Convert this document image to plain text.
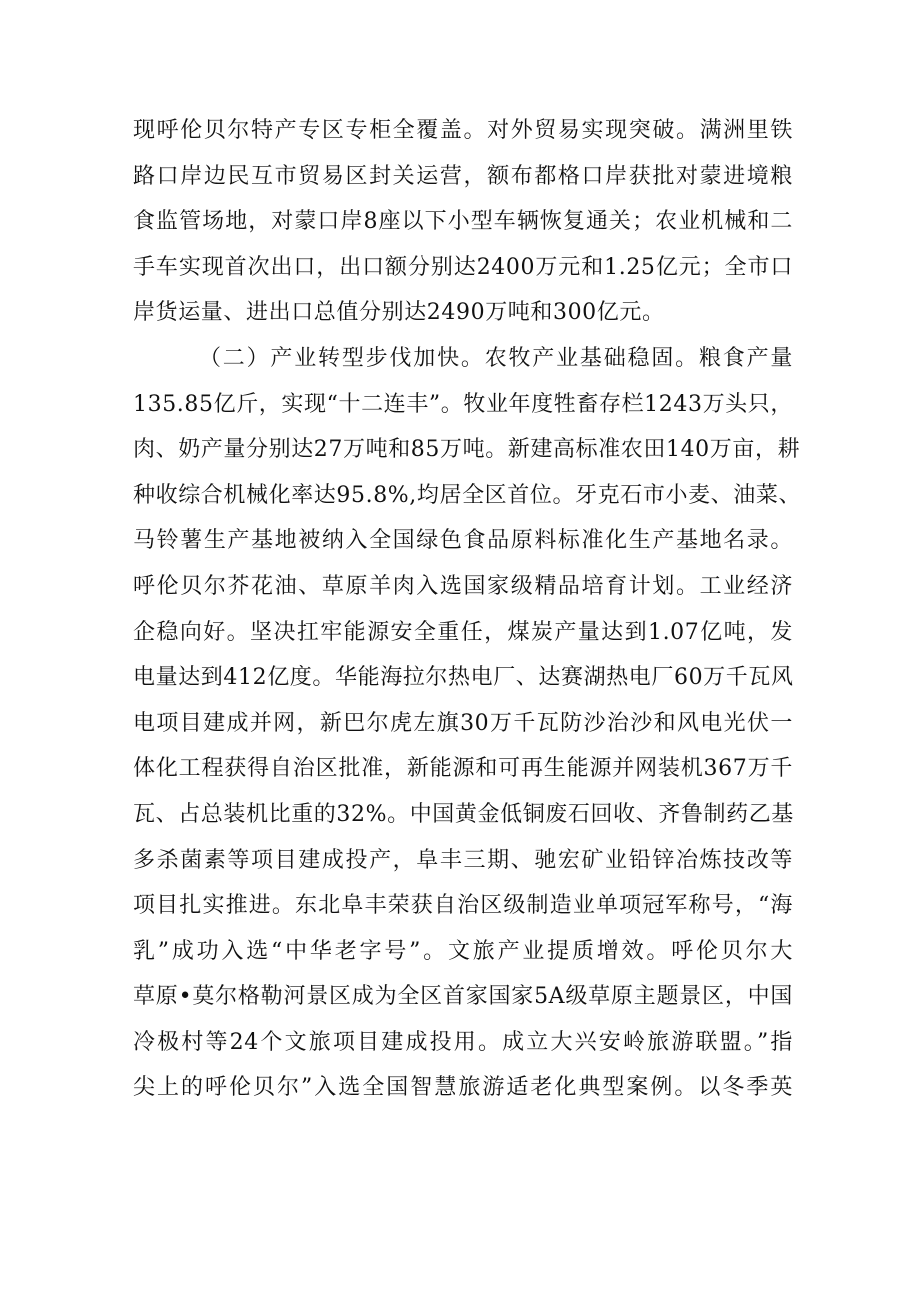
现呼伦贝尔特产专区专柜全覆盖。对外贸易实现突破。满洲里铁
路口岸边民互市贸易区封关运营，额布都格口岸获批对蒙进境粮
食监管场地，对蒙口岸8座以下小型车辆恢复通关；农业机械和二
手车实现首次出口，出口额分别达2400万元和1.25亿元；全市口
岸货运量、进出口总值分别达2490万吨和300亿元。
（二）产业转型步伐加快。农牧产业基础稳固。粮食产量
135.85亿斤，实现“十二连丰”。牧业年度牲畜存栏1243万头只，
肉、奶产量分别达27万吨和85万吨。新建高标准农田140万亩，耕
种收综合机械化率达95.8%,均居全区首位。牙克石市小麦、油菜、
马铃薯生产基地被纳入全国绿色食品原料标准化生产基地名录。
呼伦贝尔芥花油、草原羊肉入选国家级精品培育计划。工业经济
企稳向好。坚决扛牢能源安全重任，煤炭产量达到1.07亿吨，发
电量达到412亿度。华能海拉尔热电厂、达赛湖热电厂60万千瓦风
电项目建成并网，新巴尔虎左旗30万千瓦防沙治沙和风电光伏一
体化工程获得自治区批准，新能源和可再生能源并网装机367万千
瓦、占总装机比重的32%。中国黄金低铜废石回收、齐鲁制药乙基
多杀菌素等项目建成投产，阜丰三期、驰宏矿业铅锌冶炼技改等
项目扎实推进。东北阜丰荣获自治区级制造业单项冠军称号，“海
乳”成功入选“中华老字号”。文旅产业提质增效。呼伦贝尔大
草原•莫尔格勒河景区成为全区首家国家5A级草原主题景区，中国
冷极村等24个文旅项目建成投用。成立大兴安岭旅游联盟。”指
尖上的呼伦贝尔”入选全国智慧旅游适老化典型案例。以冬季英
